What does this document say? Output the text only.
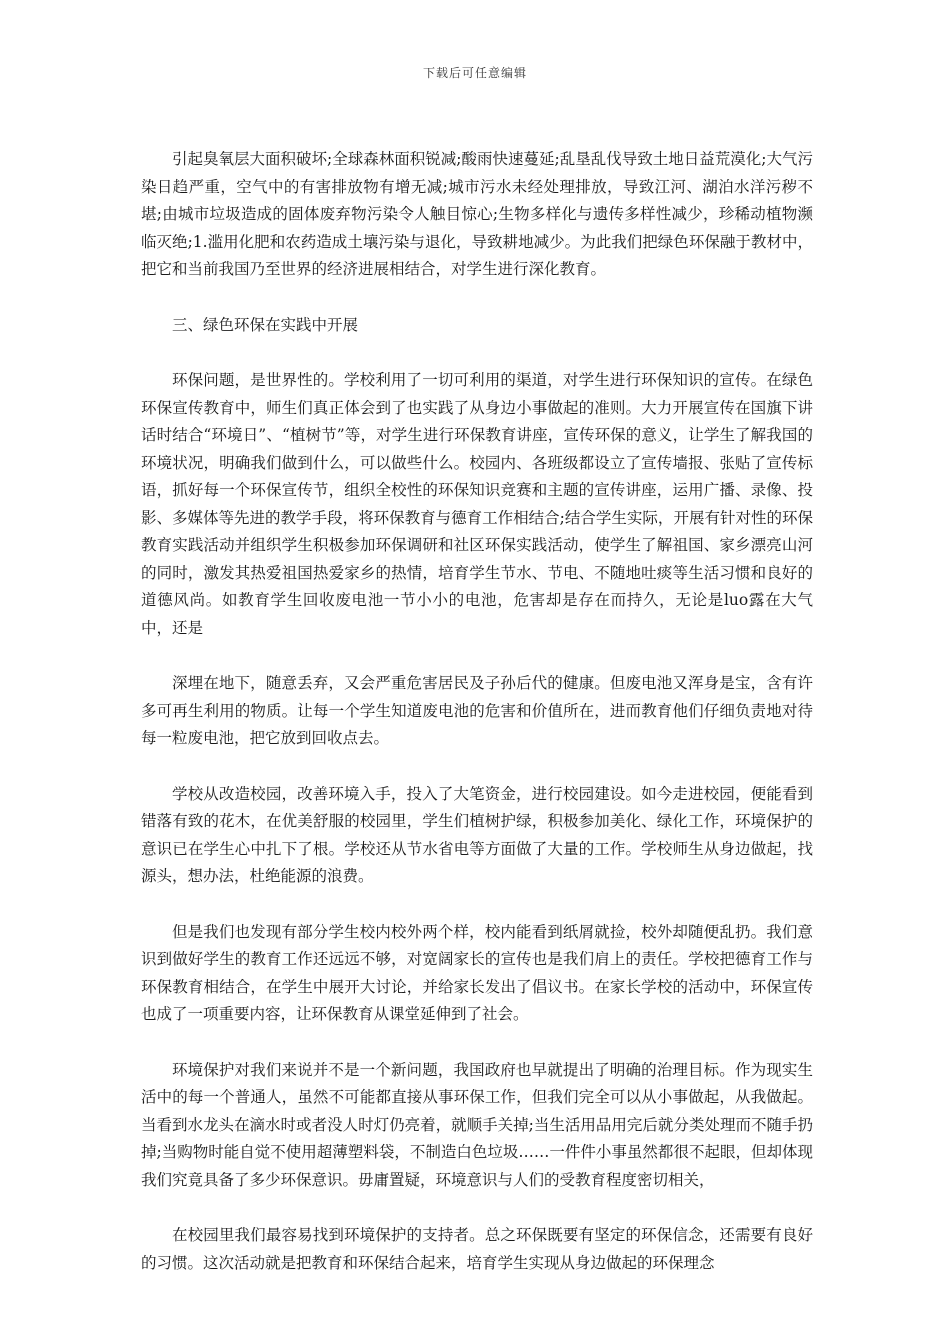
下载后可任意编辑

引起臭氧层大面积破坏;全球森林面积锐减;酸雨快速蔓延;乱垦乱伐导致土地日益荒漠化;大气污染日趋严重，空气中的有害排放物有增无减;城市污水未经处理排放，导致江河、湖泊水洋污秽不堪;由城市垃圾造成的固体废弃物污染令人触目惊心;生物多样化与遗传多样性减少，珍稀动植物濒临灭绝;1.滥用化肥和农药造成土壤污染与退化，导致耕地减少。为此我们把绿色环保融于教材中，把它和当前我国乃至世界的经济进展相结合，对学生进行深化教育。

三、绿色环保在实践中开展

环保问题，是世界性的。学校利用了一切可利用的渠道，对学生进行环保知识的宣传。在绿色环保宣传教育中，师生们真正体会到了也实践了从身边小事做起的准则。大力开展宣传在国旗下讲话时结合“环境日”、“植树节”等，对学生进行环保教育讲座，宣传环保的意义，让学生了解我国的环境状况，明确我们做到什么，可以做些什么。校园内、各班级都设立了宣传墙报、张贴了宣传标语，抓好每一个环保宣传节，组织全校性的环保知识竞赛和主题的宣传讲座，运用广播、录像、投影、多媒体等先进的教学手段，将环保教育与德育工作相结合;结合学生实际，开展有针对性的环保教育实践活动并组织学生积极参加环保调研和社区环保实践活动，使学生了解祖国、家乡漂亮山河的同时，激发其热爱祖国热爱家乡的热情，培育学生节水、节电、不随地吐痰等生活习惯和良好的道德风尚。如教育学生回收废电池一节小小的电池，危害却是存在而持久，无论是luo露在大气中，还是

深埋在地下，随意丢弃，又会严重危害居民及子孙后代的健康。但废电池又浑身是宝，含有许多可再生利用的物质。让每一个学生知道废电池的危害和价值所在，进而教育他们仔细负责地对待每一粒废电池，把它放到回收点去。

学校从改造校园，改善环境入手，投入了大笔资金，进行校园建设。如今走进校园，便能看到错落有致的花木，在优美舒服的校园里，学生们植树护绿，积极参加美化、绿化工作，环境保护的意识已在学生心中扎下了根。学校还从节水省电等方面做了大量的工作。学校师生从身边做起，找源头，想办法，杜绝能源的浪费。

但是我们也发现有部分学生校内校外两个样，校内能看到纸屑就捡，校外却随便乱扔。我们意识到做好学生的教育工作还远远不够，对宽阔家长的宣传也是我们肩上的责任。学校把德育工作与环保教育相结合，在学生中展开大讨论，并给家长发出了倡议书。在家长学校的活动中，环保宣传也成了一项重要内容，让环保教育从课堂延伸到了社会。

环境保护对我们来说并不是一个新问题，我国政府也早就提出了明确的治理目标。作为现实生活中的每一个普通人，虽然不可能都直接从事环保工作，但我们完全可以从小事做起，从我做起。当看到水龙头在滴水时或者没人时灯仍亮着，就顺手关掉;当生活用品用完后就分类处理而不随手扔掉;当购物时能自觉不使用超薄塑料袋，不制造白色垃圾……一件件小事虽然都很不起眼，但却体现我们究竟具备了多少环保意识。毋庸置疑，环境意识与人们的受教育程度密切相关，

在校园里我们最容易找到环境保护的支持者。总之环保既要有坚定的环保信念，还需要有良好的习惯。这次活动就是把教育和环保结合起来，培育学生实现从身边做起的环保理念
